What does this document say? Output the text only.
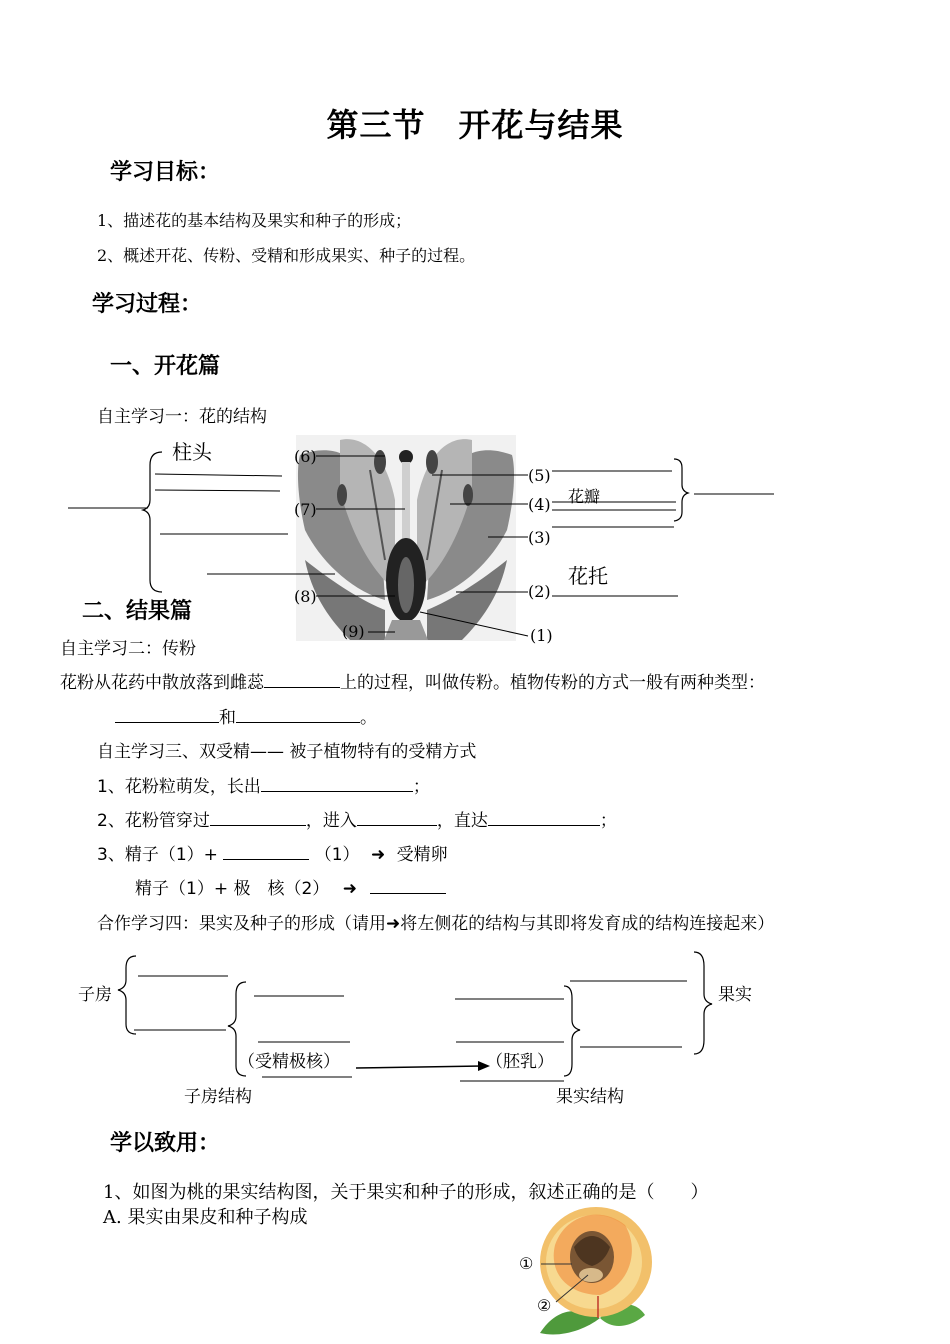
第三节　开花与结果
学习目标：
1、描述花的基本结构及果实和种子的形成；
2、概述开花、传粉、受精和形成果实、种子的过程。
学习过程：
一、开花篇
自主学习一：花的结构
柱头
花瓣
花托
(6)
(7)
(8)
(9)
(5)
(4)
(3)
(2)
(1)
二、结果篇
自主学习二：传粉
花粉从花药中散放落到雌蕊	上的过程，叫做传粉。植物传粉的方式一般有两种类型：
和	。
自主学习三、双受精—— 被子植物特有的受精方式
1、花粉粒萌发，长出	；
2、花粉管穿过	，进入	，直达	；
3、精子（1）+	（1） ➜ 受精卵
精子（1）+ 极　核（2） ➜
合作学习四：果实及种子的形成（请用➜将左侧花的结构与其即将发育成的结构连接起来）
子房	果实
（受精极核）	（胚乳）
子房结构	果实结构
学以致用：
1、如图为桃的果实结构图，关于果实和种子的形成，叙述正确的是（　　）
A. 果实由果皮和种子构成
①
②
